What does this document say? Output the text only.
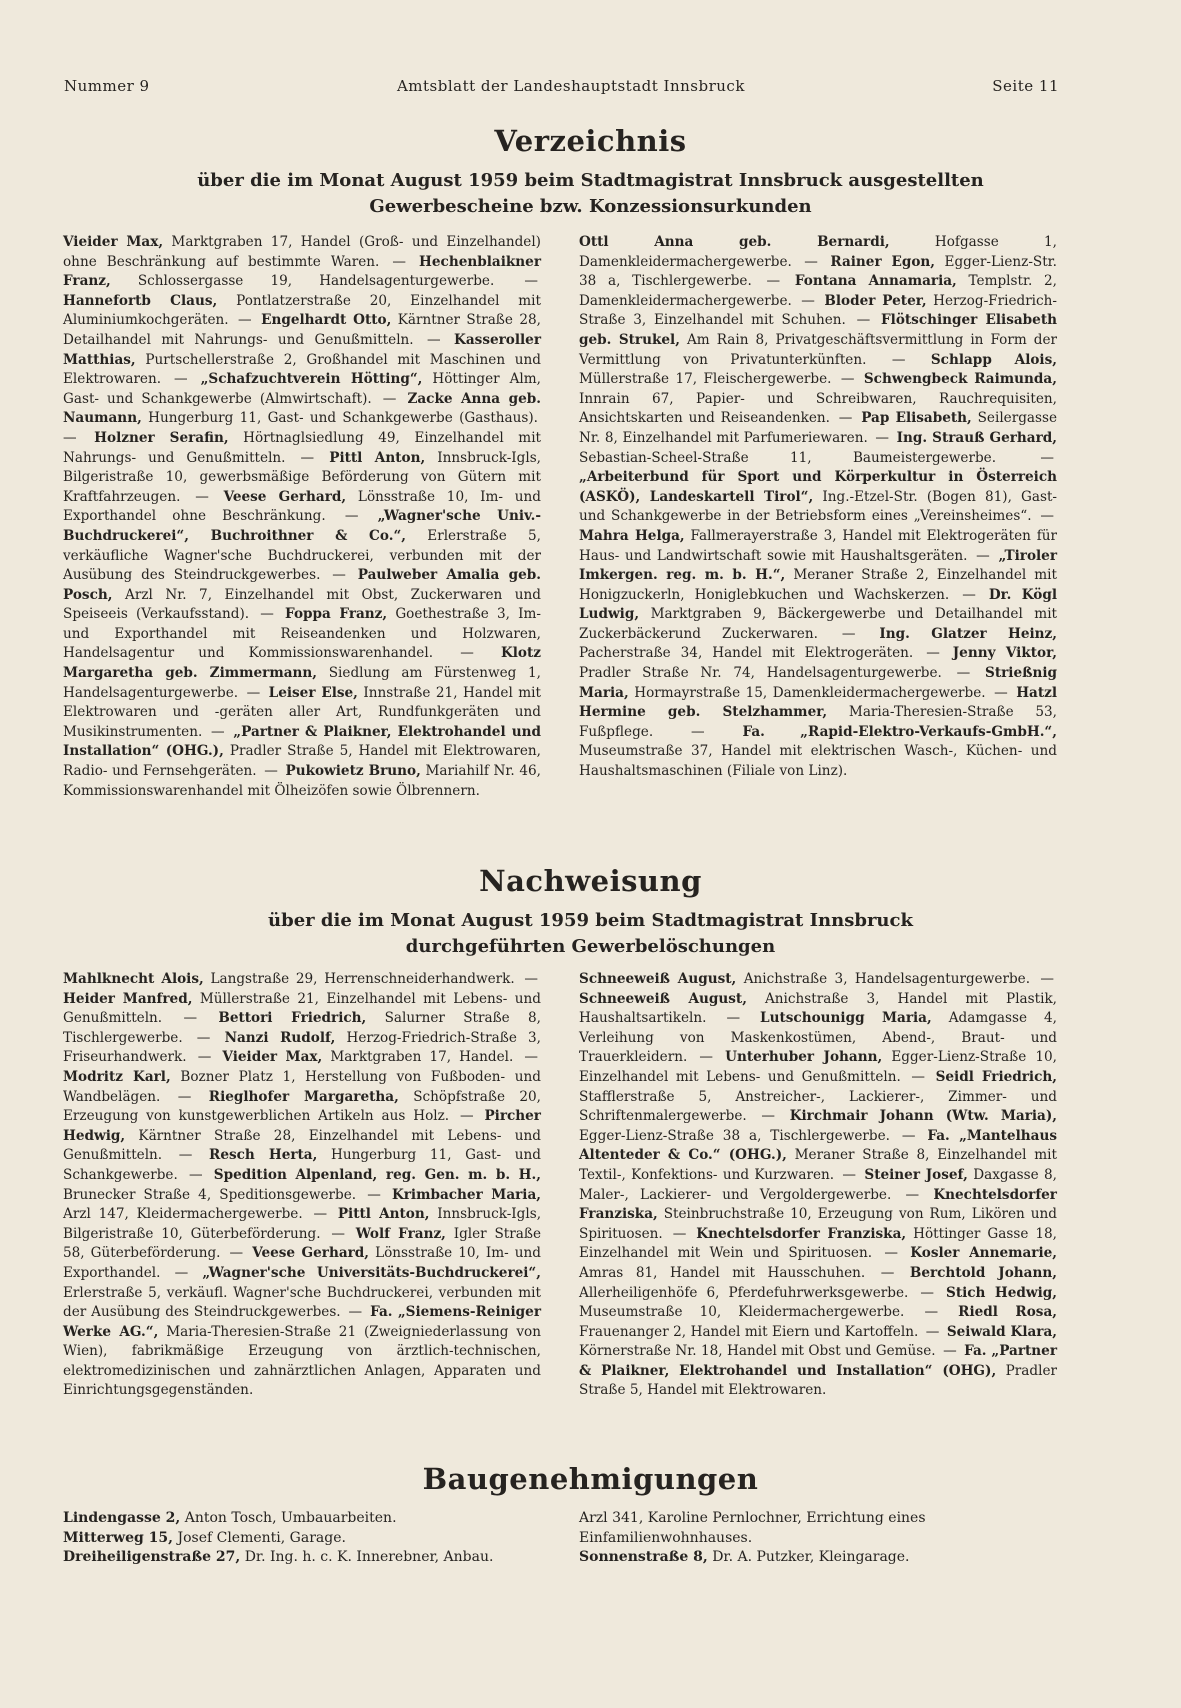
Nummer 9	Amtsblatt der Landeshauptstadt Innsbruck	Seite 11
Verzeichnis
über die im Monat August 1959 beim Stadtmagistrat Innsbruck ausgestellten
Gewerbescheine bzw. Konzessionsurkunden
Vieider Max, Marktgraben 17, Handel (Groß- und Einzelhandel) ohne Beschränkung auf bestimmte Waren. — Hechenblaikner Franz, Schlossergasse 19, Handelsagenturgewerbe. — Hannefortb Claus, Pontlatzerstraße 20, Einzelhandel mit Aluminiumkochgeräten. — Engelhardt Otto, Kärntner Straße 28, Detailhandel mit Nahrungs- und Genußmitteln. — Kasseroller Matthias, Purtschellerstraße 2, Großhandel mit Maschinen und Elektrowaren. — „Schafzuchtverein Hötting“, Höttinger Alm, Gast- und Schankgewerbe (Almwirtschaft). — Zacke Anna geb. Naumann, Hungerburg 11, Gast- und Schankgewerbe (Gasthaus). — Holzner Serafin, Hörtnaglsiedlung 49, Einzelhandel mit Nahrungs- und Genußmitteln. — Pittl Anton, Innsbruck-Igls, Bilgeristraße 10, gewerbsmäßige Beförderung von Gütern mit Kraftfahrzeugen. — Veese Gerhard, Lönsstraße 10, Im- und Exporthandel ohne Beschränkung. — „Wagner'sche Univ.-Buchdruckerei“, Buchroithner & Co.“, Erlerstraße 5, verkäufliche Wagner'sche Buchdruckerei, verbunden mit der Ausübung des Steindruckgewerbes. — Paulweber Amalia geb. Posch, Arzl Nr. 7, Einzelhandel mit Obst, Zuckerwaren und Speiseeis (Verkaufsstand). — Foppa Franz, Goethestraße 3, Im- und Exporthandel mit Reiseandenken und Holzwaren, Handelsagentur und Kommissionswarenhandel. — Klotz Margaretha geb. Zimmermann, Siedlung am Fürstenweg 1, Handelsagenturgewerbe. — Leiser Else, Innstraße 21, Handel mit Elektrowaren und -geräten aller Art, Rundfunkgeräten und Musikinstrumenten. — „Partner & Plaikner, Elektrohandel und Installation“ (OHG.), Pradler Straße 5, Handel mit Elektrowaren, Radio- und Fernsehgeräten. — Pukowietz Bruno, Mariahilf Nr. 46, Kommissionswarenhandel mit Ölheizöfen sowie Ölbrennern.
Ottl Anna geb. Bernardi,	Hofgasse 1, Damenkleidermachergewerbe. — Rainer Egon, Egger-Lienz-Str. 38 a, Tischlergewerbe. — Fontana Annamaria, Templstr. 2, Damenkleidermachergewerbe. — Bloder Peter, Herzog-Friedrich-Straße 3, Einzelhandel mit Schuhen. — Flötschinger Elisabeth geb. Strukel, Am Rain 8, Privatgeschäftsvermittlung in Form der Vermittlung von Privatunterkünften. — Schlapp Alois, Müllerstraße 17, Fleischergewerbe. — Schwengbeck Raimunda, Innrain 67, Papier- und Schreibwaren, Rauchrequisiten, Ansichtskarten und Reiseandenken. — Pap Elisabeth, Seilergasse Nr. 8, Einzelhandel mit Parfumeriewaren. — Ing. Strauß Gerhard, Sebastian-Scheel-Straße 11, Baumeistergewerbe. — „Arbeiterbund für Sport und Körperkultur in Österreich (ASKÖ), Landeskartell Tirol“, Ing.-Etzel-Str. (Bogen 81), Gast- und Schankgewerbe in der Betriebsform eines „Vereinsheimes“. — Mahra Helga, Fallmerayerstraße 3, Handel mit Elektrogeräten für Haus- und Landwirtschaft sowie mit Haushaltsgeräten. — „Tiroler Imkergen. reg. m. b. H.“, Meraner Straße 2, Einzelhandel mit Honigzuckerln, Honiglebkuchen und Wachskerzen. — Dr. Kögl Ludwig, Marktgraben 9, Bäckergewerbe und Detailhandel mit Zuckerbäckerund Zuckerwaren. — Ing. Glatzer Heinz, Pacherstraße 34, Handel mit Elektrogeräten. — Jenny Viktor, Pradler Straße Nr. 74, Handelsagenturgewerbe. — Strießnig Maria, Hormayrstraße 15, Damenkleidermachergewerbe. — Hatzl Hermine geb. Stelzhammer, Maria-Theresien-Straße 53, Fußpflege. — Fa. „Rapid-Elektro-Verkaufs-GmbH.“, Museumstraße 37, Handel mit elektrischen Wasch-, Küchen- und Haushaltsmaschinen (Filiale von Linz).
Nachweisung
über die im Monat August 1959 beim Stadtmagistrat Innsbruck
durchgeführten Gewerbelöschungen
Mahlknecht Alois, Langstraße 29, Herrenschneiderhandwerk. — Heider Manfred, Müllerstraße 21, Einzelhandel mit Lebens- und Genußmitteln. — Bettori Friedrich, Salurner Straße 8, Tischlergewerbe. — Nanzi Rudolf, Herzog-Friedrich-Straße 3, Friseurhandwerk. — Vieider Max, Marktgraben 17, Handel. — Modritz Karl, Bozner Platz 1, Herstellung von Fußboden- und Wandbelägen. — Rieglhofer Margaretha, Schöpfstraße 20, Erzeugung von kunstgewerblichen Artikeln aus Holz. — Pircher Hedwig, Kärntner Straße 28, Einzelhandel mit Lebens- und Genußmitteln. — Resch Herta, Hungerburg 11, Gast- und Schankgewerbe. — Spedition Alpenland, reg. Gen. m. b. H., Brunecker Straße 4, Speditionsgewerbe. — Krimbacher Maria, Arzl 147, Kleidermachergewerbe. — Pittl Anton, Innsbruck-Igls, Bilgeristraße 10, Güterbeförderung. — Wolf Franz, Igler Straße 58, Güterbeförderung. — Veese Gerhard, Lönsstraße 10, Im- und Exporthandel. — „Wagner'sche Universitäts-Buchdruckerei“, Erlerstraße 5, verkäufl. Wagner'sche Buchdruckerei, verbunden mit der Ausübung des Steindruckgewerbes. — Fa. „Siemens-Reiniger Werke AG.“, Maria-Theresien-Straße 21 (Zweigniederlassung von Wien), fabrikmäßige Erzeugung von ärztlich-technischen, elektromedizinischen und zahnärztlichen Anlagen, Apparaten und Einrichtungsgegenständen.
Schneeweiß August, Anichstraße 3, Handelsagenturgewerbe. — Schneeweiß August, Anichstraße 3, Handel mit Plastik, Haushaltsartikeln. — Lutschounigg Maria, Adamgasse 4, Verleihung von Maskenkostümen, Abend-, Braut- und Trauerkleidern. — Unterhuber Johann, Egger-Lienz-Straße 10, Einzelhandel mit Lebens- und Genußmitteln. — Seidl Friedrich, Stafflerstraße 5, Anstreicher-, Lackierer-, Zimmer- und Schriftenmalergewerbe. — Kirchmair Johann (Wtw. Maria), Egger-Lienz-Straße 38 a, Tischlergewerbe. — Fa. „Mantelhaus Altenteder & Co.“ (OHG.), Meraner Straße 8, Einzelhandel mit Textil-, Konfektions- und Kurzwaren. — Steiner Josef, Daxgasse 8, Maler-, Lackierer- und Vergoldergewerbe. — Knechtelsdorfer Franziska, Steinbruchstraße 10, Erzeugung von Rum, Likören und Spirituosen. — Knechtelsdorfer Franziska, Höttinger Gasse 18, Einzelhandel mit Wein und Spirituosen. — Kosler Annemarie, Amras 81, Handel mit Hausschuhen. — Berchtold Johann, Allerheiligenhöfe 6, Pferdefuhrwerksgewerbe. — Stich Hedwig, Museumstraße 10, Kleidermachergewerbe. — Riedl Rosa, Frauenanger 2, Handel mit Eiern und Kartoffeln. — Seiwald Klara, Körnerstraße Nr. 18, Handel mit Obst und Gemüse. — Fa. „Partner & Plaikner, Elektrohandel und Installation“ (OHG), Pradler Straße 5, Handel mit Elektrowaren.
Baugenehmigungen
Lindengasse 2, Anton Tosch, Umbauarbeiten.
Mitterweg 15, Josef Clementi, Garage.
Dreiheiligenstraße 27, Dr. Ing. h. c. K. Innerebner, Anbau.
Arzl 341, Karoline Pernlochner, Errichtung eines Einfamilienwohnhauses.
Sonnenstraße 8, Dr. A. Putzker, Kleingarage.
